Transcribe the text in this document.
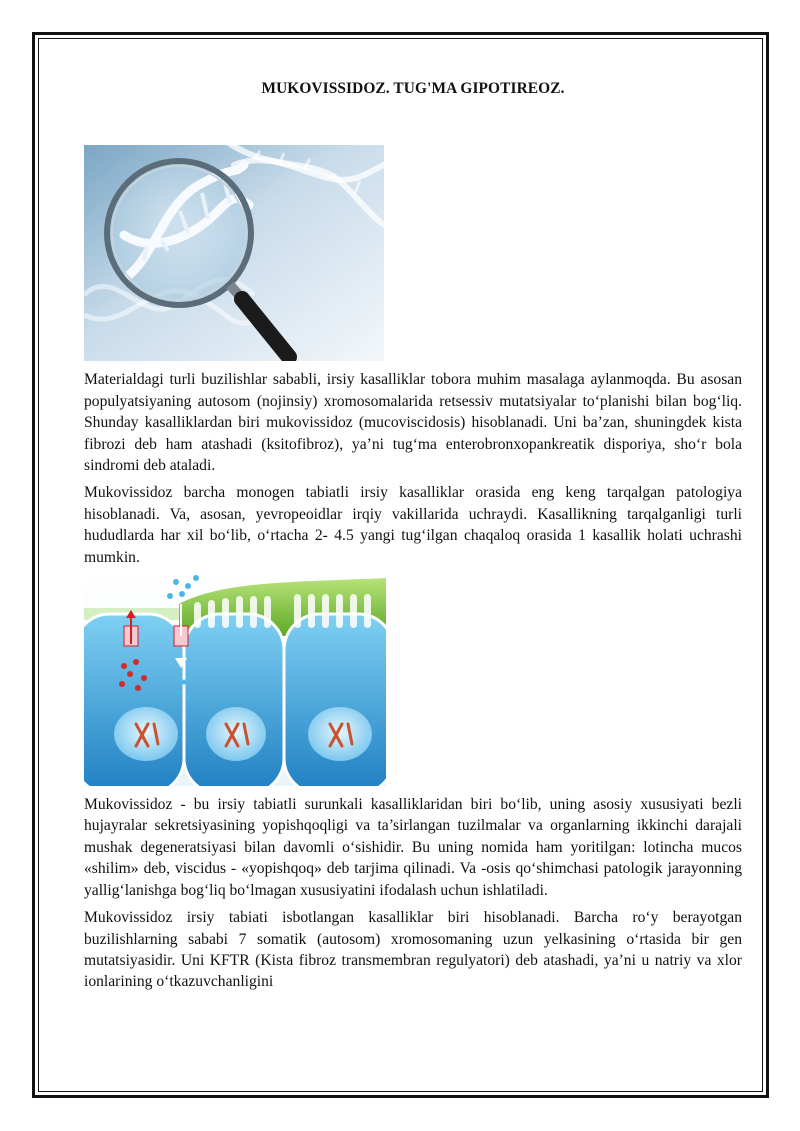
MUKOVISSIDOZ. TUG'MA GIPOTIREOZ.

Materialdagi turli buzilishlar sababli, irsiy kasalliklar tobora muhim masalaga aylanmoqda. Bu asosan populyatsiyaning autosom (nojinsiy) xromosomalarida retsessiv mutatsiyalar to‘planishi bilan bog‘liq. Shunday kasalliklardan biri mukovissidoz (mucoviscidosis) hisoblanadi. Uni ba’zan, shuningdek kista fibrozi deb ham atashadi (ksitofibroz), ya’ni tug‘ma enterobronxopankreatik disporiya, sho‘r bola sindromi deb ataladi.

Mukovissidoz barcha monogen tabiatli irsiy kasalliklar orasida eng keng tarqalgan patologiya hisoblanadi. Va, asosan, yevropeoidlar irqiy vakillarida uchraydi. Kasallikning tarqalganligi turli hududlarda har xil bo‘lib, o‘rtacha 2- 4.5 yangi tug‘ilgan chaqaloq orasida 1 kasallik holati uchrashi mumkin.

Mukovissidoz - bu irsiy tabiatli surunkali kasalliklaridan biri bo‘lib, uning asosiy xususiyati bezli hujayralar sekretsiyasining yopishqoqligi va ta’sirlangan tuzilmalar va organlarning ikkinchi darajali mushak degeneratsiyasi bilan davomli o‘sishidir. Bu uning nomida ham yoritilgan: lotincha mucos «shilim» deb, viscidus - «yopishqoq» deb tarjima qilinadi. Va -osis qo‘shimchasi patologik jarayonning yallig‘lanishga bog‘liq bo‘lmagan xususiyatini ifodalash uchun ishlatiladi.

Mukovissidoz irsiy tabiati isbotlangan kasalliklar biri hisoblanadi. Barcha ro‘y berayotgan buzilishlarning sababi 7 somatik (autosom) xromosomaning uzun yelkasining o‘rtasida bir gen mutatsiyasidir. Uni KFTR (Kista fibroz transmembran regulyatori) deb atashadi, ya’ni u natriy va xlor ionlarining o‘tkazuvchanligini
